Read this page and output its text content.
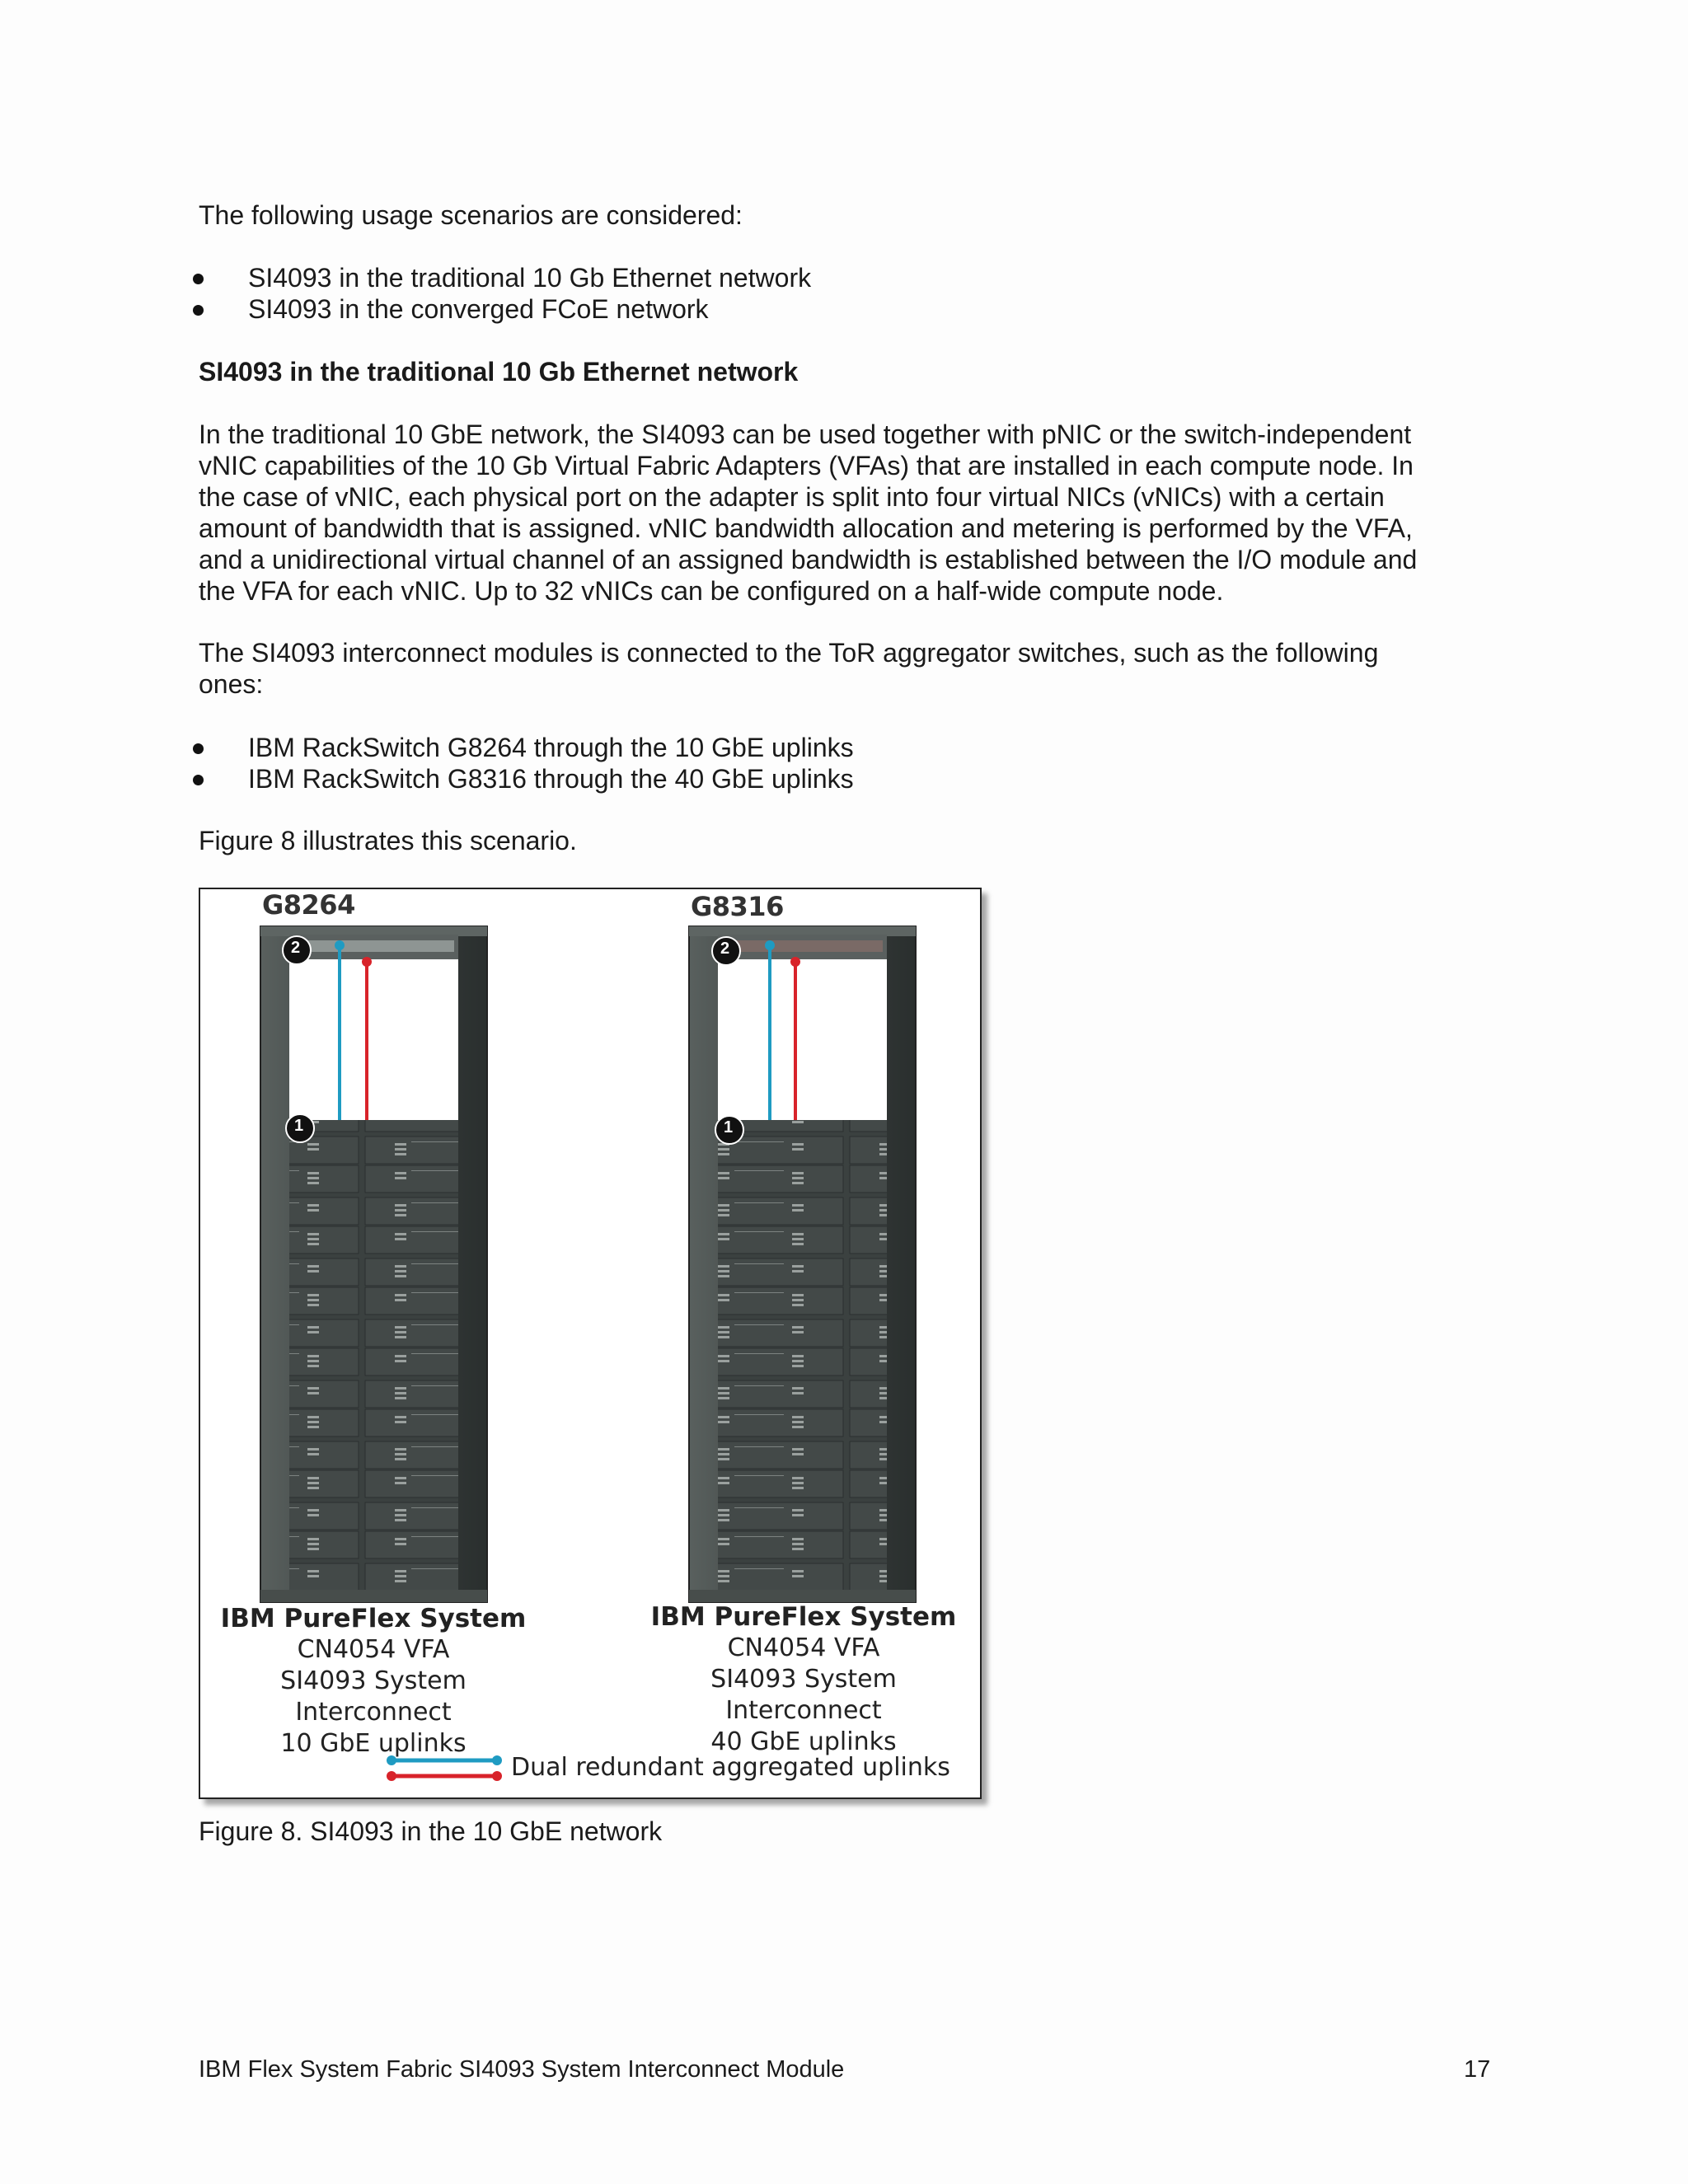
The following usage scenarios are considered:

SI4093 in the traditional 10 Gb Ethernet network
SI4093 in the converged FCoE network

SI4093 in the traditional 10 Gb Ethernet network

In the traditional 10 GbE network, the SI4093 can be used together with pNIC or the switch-independent
vNIC capabilities of the 10 Gb Virtual Fabric Adapters (VFAs) that are installed in each compute node. In
the case of vNIC, each physical port on the adapter is split into four virtual NICs (vNICs) with a certain
amount of bandwidth that is assigned. vNIC bandwidth allocation and metering is performed by the VFA,
and a unidirectional virtual channel of an assigned bandwidth is established between the I/O module and
the VFA for each vNIC. Up to 32 vNICs can be configured on a half-wide compute node.
The SI4093 interconnect modules is connected to the ToR aggregator switches, such as the following
ones:
IBM RackSwitch G8264 through the 10 GbE uplinks
IBM RackSwitch G8316 through the 40 GbE uplinks

Figure 8 illustrates this scenario.

2
1
2
1
G8264	G8316
IBM PureFlex System
CN4054 VFA
SI4093 System Interconnect
10 GbE uplinks
IBM PureFlex System
CN4054 VFA
SI4093 System Interconnect
40 GbE uplinks
Dual redundant aggregated uplinks

Figure 8. SI4093 in the 10 GbE network

IBM Flex System Fabric SI4093 System Interconnect Module	17
